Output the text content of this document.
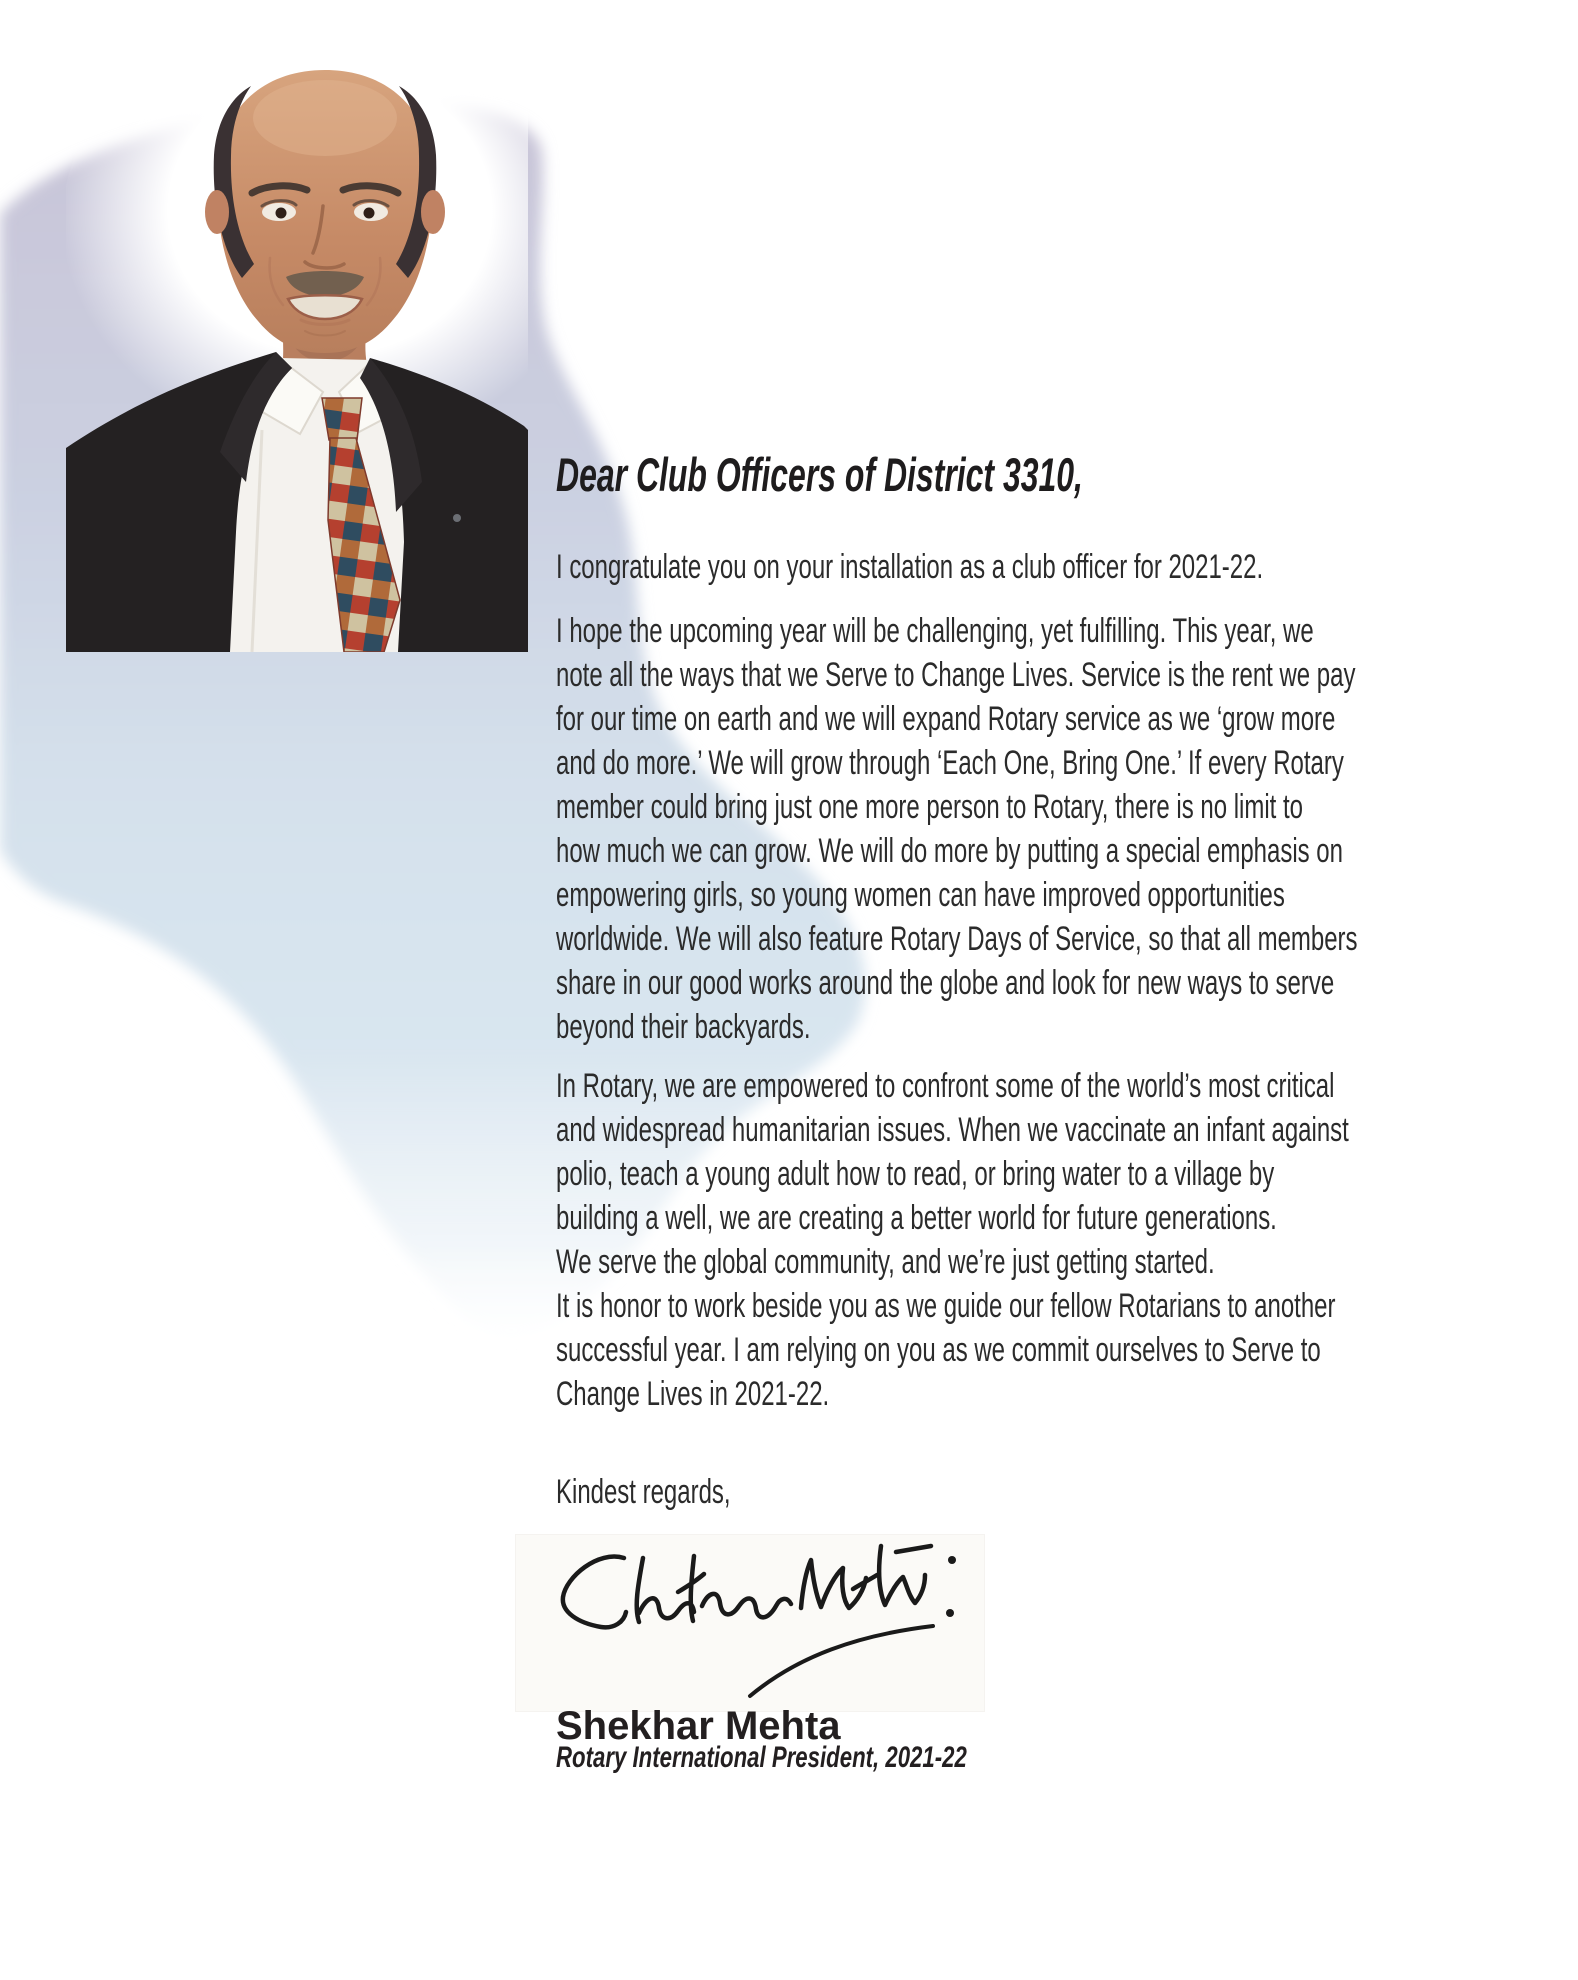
Dear Club Officers of District 3310,
I congratulate you on your installation as a club officer for 2021-22.
I hope the upcoming year will be challenging, yet fulfilling. This year, we
note all the ways that we Serve to Change Lives. Service is the rent we pay
for our time on earth and we will expand Rotary service as we ‘grow more
and do more.’ We will grow through ‘Each One, Bring One.’ If every Rotary
member could bring just one more person to Rotary, there is no limit to
how much we can grow. We will do more by putting a special emphasis on
empowering girls, so young women can have improved opportunities
worldwide. We will also feature Rotary Days of Service, so that all members
share in our good works around the globe and look for new ways to serve
beyond their backyards.
In Rotary, we are empowered to confront some of the world’s most critical
and widespread humanitarian issues. When we vaccinate an infant against
polio, teach a young adult how to read, or bring water to a village by
building a well, we are creating a better world for future generations.
We serve the global community, and we’re just getting started.
It is honor to work beside you as we guide our fellow Rotarians to another
successful year. I am relying on you as we commit ourselves to Serve to
Change Lives in 2021-22.
Kindest regards,
Shekhar Mehta
Rotary International President, 2021-22
